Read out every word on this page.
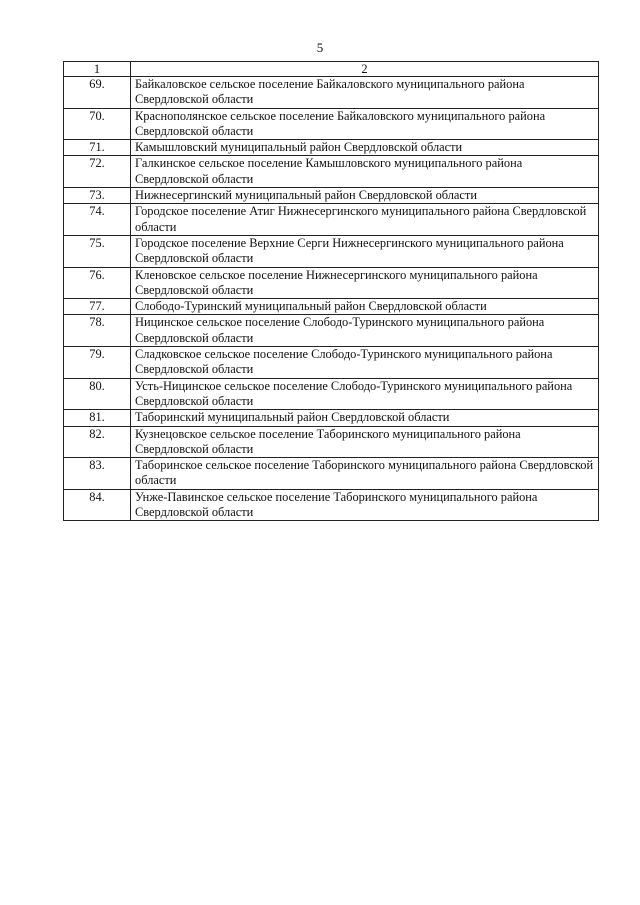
5
1	2
69.	Байкаловское сельское поселение Байкаловского муниципального района Свердловской области
70.	Краснополянское сельское поселение Байкаловского муниципального района Свердловской области
71.	Камышловский муниципальный район Свердловской области
72.	Галкинское сельское поселение Камышловского муниципального района Свердловской области
73.	Нижнесергинский муниципальный район Свердловской области
74.	Городское поселение Атиг Нижнесергинского муниципального района Свердловской области
75.	Городское поселение Верхние Серги Нижнесергинского муниципального района Свердловской области
76.	Кленовское сельское поселение Нижнесергинского муниципального района Свердловской области
77.	Слободо-Туринский муниципальный район Свердловской области
78.	Ницинское сельское поселение Слободо-Туринского муниципального района Свердловской области
79.	Сладковское сельское поселение Слободо-Туринского муниципального района Свердловской области
80.	Усть-Ницинское сельское поселение Слободо-Туринского муниципального района Свердловской области
81.	Таборинский муниципальный район Свердловской области
82.	Кузнецовское сельское поселение Таборинского муниципального района Свердловской области
83.	Таборинское сельское поселение Таборинского муниципального района Свердловской области
84.	Унже-Павинское сельское поселение Таборинского муниципального района Свердловской области
